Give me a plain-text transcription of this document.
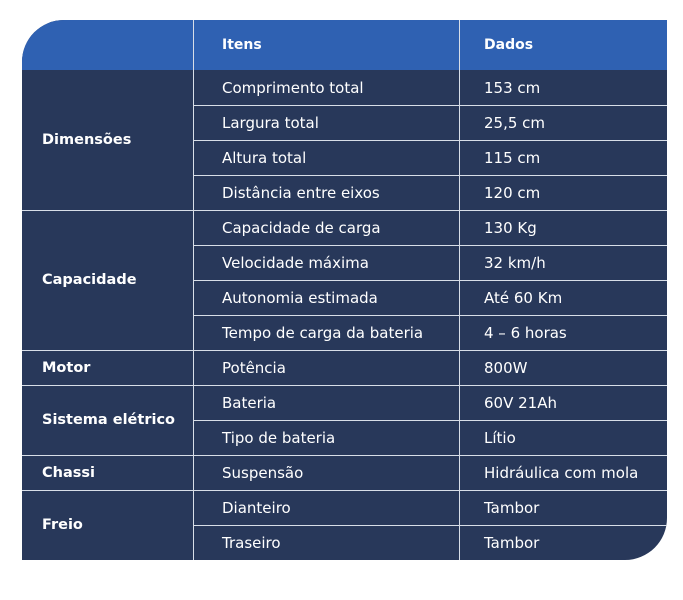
Itens	Dados
Dimensões
Capacidade
Motor
Sistema elétrico
Chassi
Freio
Comprimento total
Largura total
Altura total
Distância entre eixos
Capacidade de carga
Velocidade máxima
Autonomia estimada
Tempo de carga da bateria
Potência
Bateria
Tipo de bateria
Suspensão
Dianteiro
Traseiro
153 cm
25,5 cm
115 cm
120 cm
130 Kg
32 km/h
Até 60 Km
4 – 6 horas
800W
60V 21Ah
Lítio
Hidráulica com mola
Tambor
Tambor
